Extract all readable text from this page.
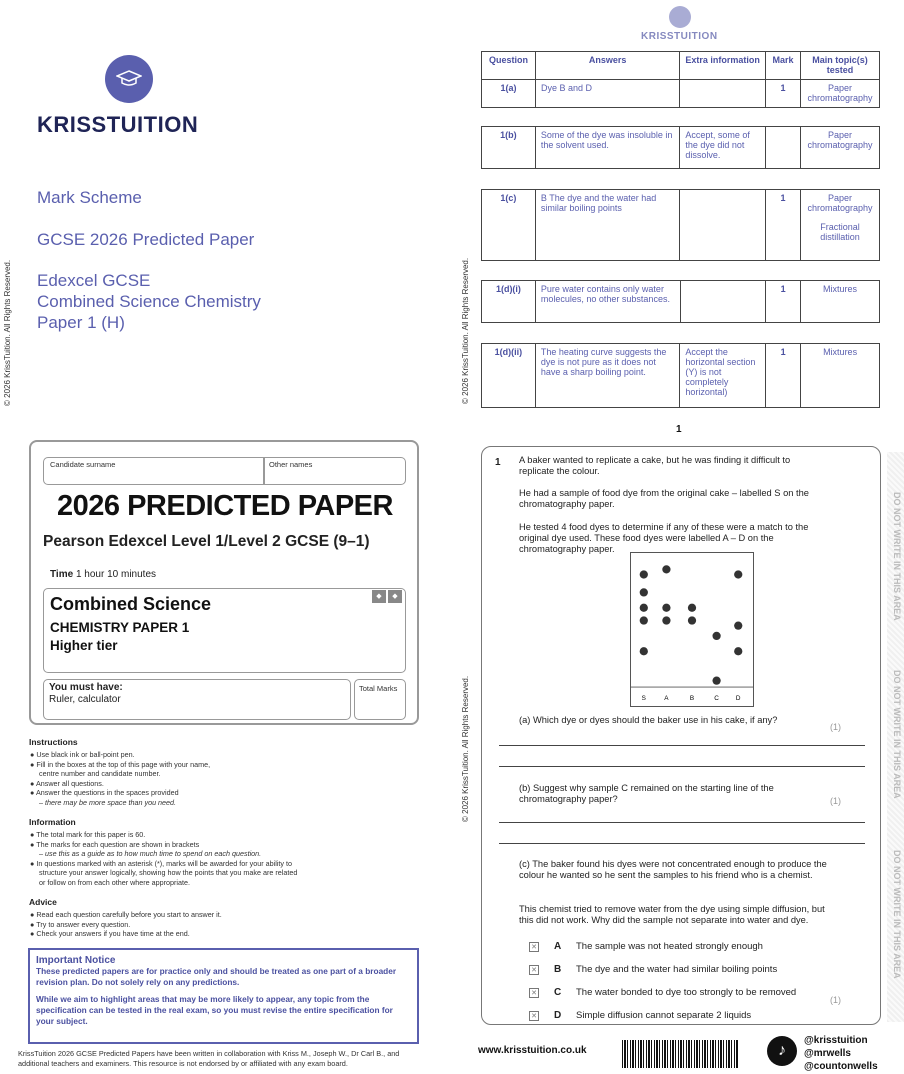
KRISSTUITION
Mark Scheme
GCSE 2026 Predicted Paper
Edexcel GCSE
Combined Science Chemistry
Paper 1 (H)
© 2026 KrissTuition. All Rights Reserved.
Candidate surname	Other names
2026 PREDICTED PAPER
Pearson Edexcel Level 1/Level 2 GCSE (9–1)
Time 1 hour 10 minutes
◆	◆
Combined Science
CHEMISTRY PAPER 1
Higher tier
You must have:
Ruler, calculator
Total Marks
Instructions
● Use black ink or ball-point pen.
● Fill in the boxes at the top of this page with your name,
centre number and candidate number.
● Answer all questions.
● Answer the questions in the spaces provided
– there may be more space than you need.
Information
● The total mark for this paper is 60.
● The marks for each question are shown in brackets
– use this as a guide as to how much time to spend on each question.
● In questions marked with an asterisk (*), marks will be awarded for your ability to
structure your answer logically, showing how the points that you make are related
or follow on from each other where appropriate.
Advice
● Read each question carefully before you start to answer it.
● Try to answer every question.
● Check your answers if you have time at the end.
Important Notice
These predicted papers are for practice only and should be treated as one part of a broader revision plan. Do not solely rely on any predictions.
While we aim to highlight areas that may be more likely to appear, any topic from the specification can be tested in the real exam, so you must revise the entire specification for your subject.
KrissTuition 2026 GCSE Predicted Papers have been written in collaboration with Kriss M., Joseph W., Dr Carl B., and additional teachers and examiners. This resource is not endorsed by or affiliated with any exam board.
KRISSTUITION
© 2026 KrissTuition. All Rights Reserved.
Question	Answers	Extra information	Mark	Main topic(s) tested
1(a)	Dye B and D		1	Paper chromatography
1(b)	Some of the dye was insoluble in the solvent used.	Accept, some of the dye did not dissolve.		Paper chromatography
1(c)	B The dye and the water had similar boiling points		1	Paper chromatography
Fractional distillation
1(d)(i)	Pure water contains only water molecules, no other substances.		1	Mixtures
1(d)(ii)	The heating curve suggests the dye is not pure as it does not have a sharp boiling point.	Accept the horizontal section (Y) is not completely horizontal)	1	Mixtures
1
© 2026 KrissTuition. All Rights Reserved.
1 A baker wanted to replicate a cake, but he was finding it difficult to replicate the colour.
He had a sample of food dye from the original cake – labelled S on the chromatography paper.
He tested 4 food dyes to determine if any of these were a match to the original dye used. These food dyes were labelled A – D on the chromatography paper.
S	A	B	C	D
(a) Which dye or dyes should the baker use in his cake, if any?
(1)
(b) Suggest why sample C remained on the starting line of the chromatography paper?	(1)
(c) The baker found his dyes were not concentrated enough to produce the colour he wanted so he sent the samples to his friend who is a chemist.
This chemist tried to remove water from the dye using simple diffusion, but this did not work. Why did the sample not separate into water and dye.
✕ A	The sample was not heated strongly enough
✕ B	The dye and the water had similar boiling points
✕ C	The water bonded to dye too strongly to be removed
✕ D	Simple diffusion cannot separate 2 liquids
(1)
DO NOT WRITE IN THIS AREA
DO NOT WRITE IN THIS AREA
DO NOT WRITE IN THIS AREA
www.krisstuition.co.uk	♪
@krisstuition
@mrwells
@countonwells
